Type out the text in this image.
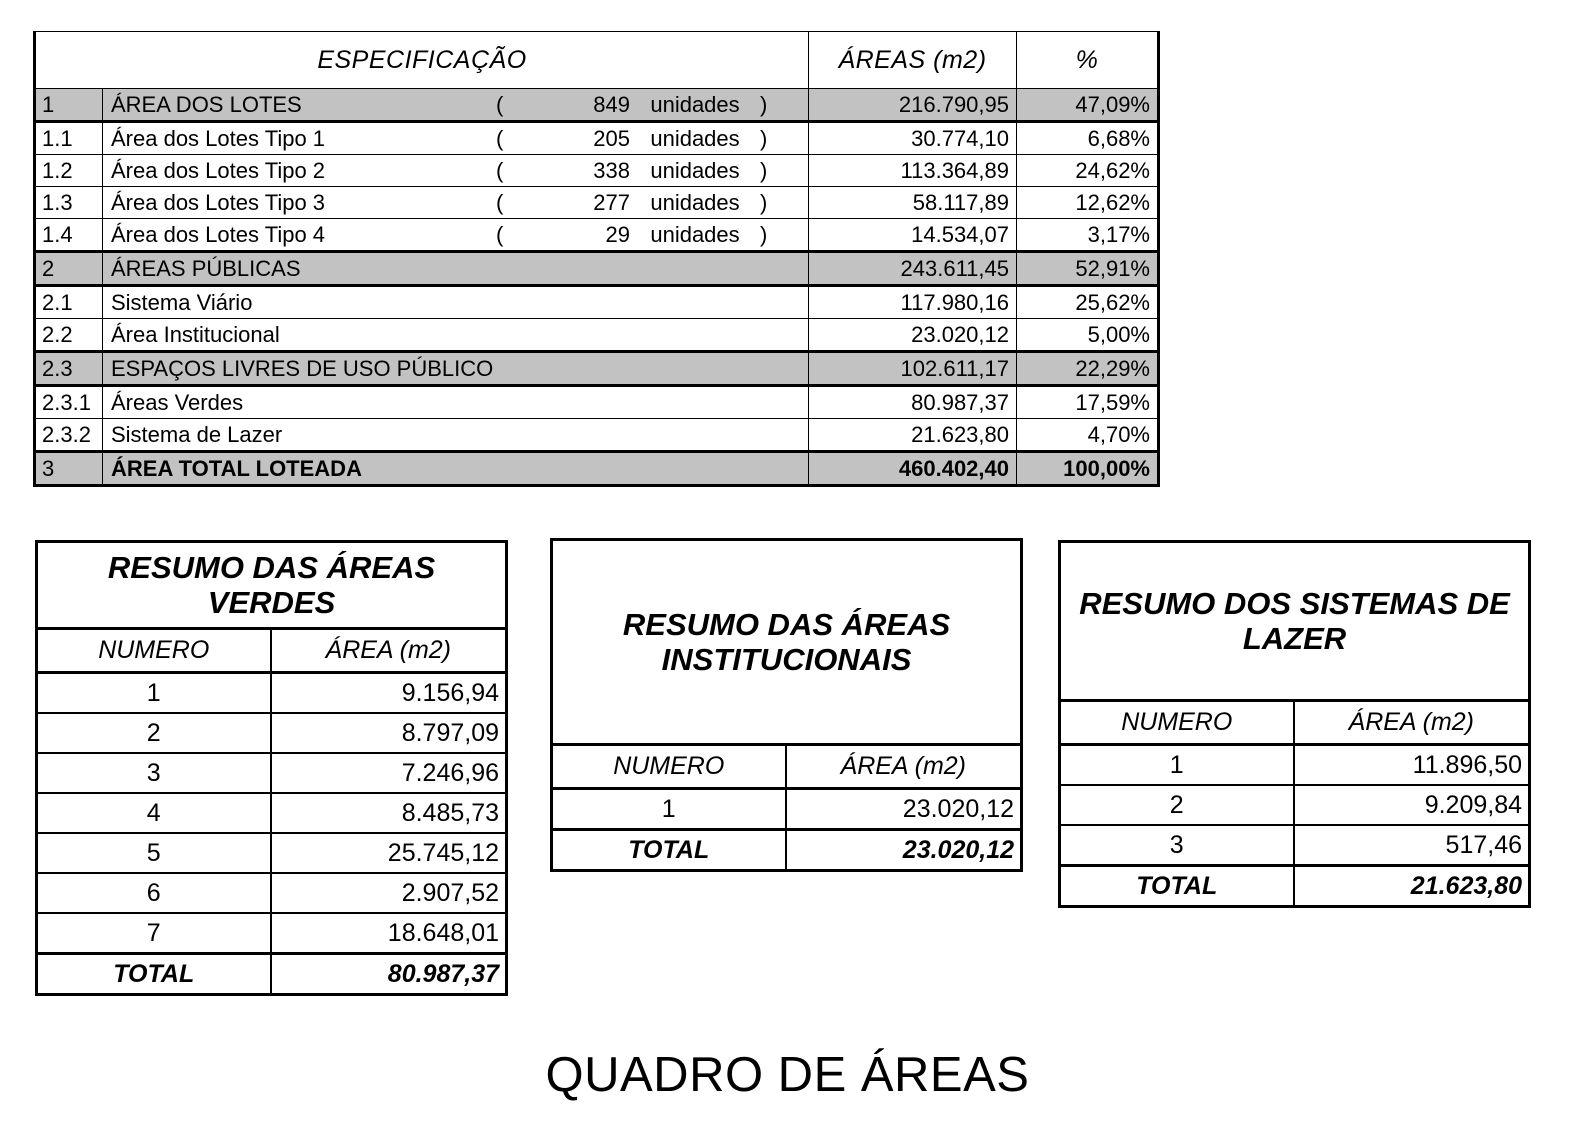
ESPECIFICAÇÃO		ÁREAS (m2)	%
1	ÁREA DOS LOTES ( 849 unidades )	216.790,95	47,09%
1.1	Área dos Lotes Tipo 1 ( 205 unidades )	30.774,10	6,68%
1.2	Área dos Lotes Tipo 2 ( 338 unidades )	113.364,89	24,62%
1.3	Área dos Lotes Tipo 3 ( 277 unidades )	58.117,89	12,62%
1.4	Área dos Lotes Tipo 4 ( 29 unidades )	14.534,07	3,17%
2	ÁREAS PÚBLICAS	243.611,45	52,91%
2.1	Sistema Viário	117.980,16	25,62%
2.2	Área Institucional	23.020,12	5,00%
2.3	ESPAÇOS LIVRES DE USO PÚBLICO	102.611,17	22,29%
2.3.1	Áreas Verdes	80.987,37	17,59%
2.3.2	Sistema de Lazer	21.623,80	4,70%
3	ÁREA TOTAL LOTEADA	460.402,40	100,00%
RESUMO DAS ÁREAS VERDES	
NUMERO	ÁREA (m2)
1	9.156,94
2	8.797,09
3	7.246,96
4	8.485,73
5	25.745,12
6	2.907,52
7	18.648,01
TOTAL	80.987,37
RESUMO DAS ÁREAS INSTITUCIONAIS	
NUMERO	ÁREA (m2)
1	23.020,12
TOTAL	23.020,12
RESUMO DOS SISTEMAS DE LAZER	
NUMERO	ÁREA (m2)
1	11.896,50
2	9.209,84
3	517,46
TOTAL	21.623,80
QUADRO DE ÁREAS
